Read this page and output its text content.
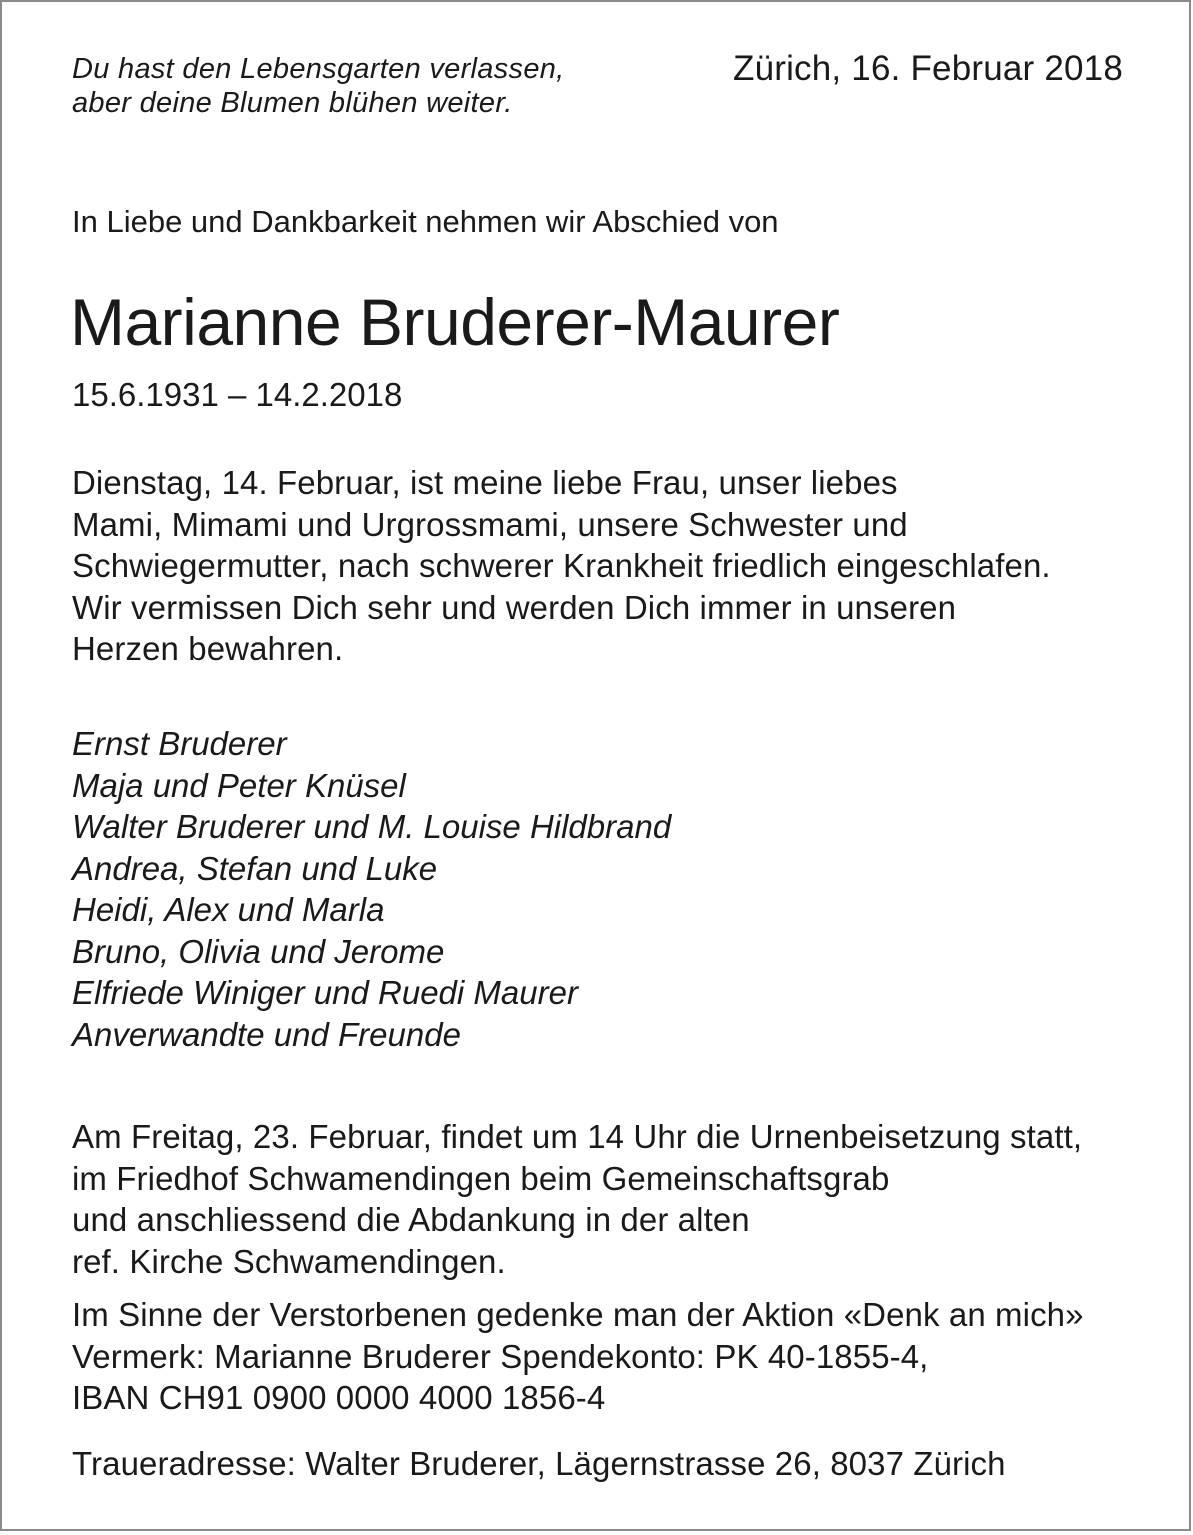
Du hast den Lebensgarten verlassen,
aber deine Blumen blühen weiter.
Zürich, 16. Februar 2018
In Liebe und Dankbarkeit nehmen wir Abschied von
Marianne Bruderer-Maurer
15.6.1931 – 14.2.2018
Dienstag, 14. Februar, ist meine liebe Frau, unser liebes
Mami, Mimami und Urgrossmami, unsere Schwester und
Schwiegermutter, nach schwerer Krankheit friedlich eingeschlafen.
Wir vermissen Dich sehr und werden Dich immer in unseren
Herzen bewahren.
Ernst Bruderer
Maja und Peter Knüsel
Walter Bruderer und M. Louise Hildbrand
Andrea, Stefan und Luke
Heidi, Alex und Marla
Bruno, Olivia und Jerome
Elfriede Winiger und Ruedi Maurer
Anverwandte und Freunde
Am Freitag, 23. Februar, findet um 14 Uhr die Urnenbeisetzung statt,
im Friedhof Schwamendingen beim Gemeinschaftsgrab
und anschliessend die Abdankung in der alten
ref. Kirche Schwamendingen.
Im Sinne der Verstorbenen gedenke man der Aktion «Denk an mich»
Vermerk: Marianne Bruderer Spendekonto: PK 40-1855-4,
IBAN CH91 0900 0000 4000 1856-4
Traueradresse: Walter Bruderer, Lägernstrasse 26, 8037 Zürich
